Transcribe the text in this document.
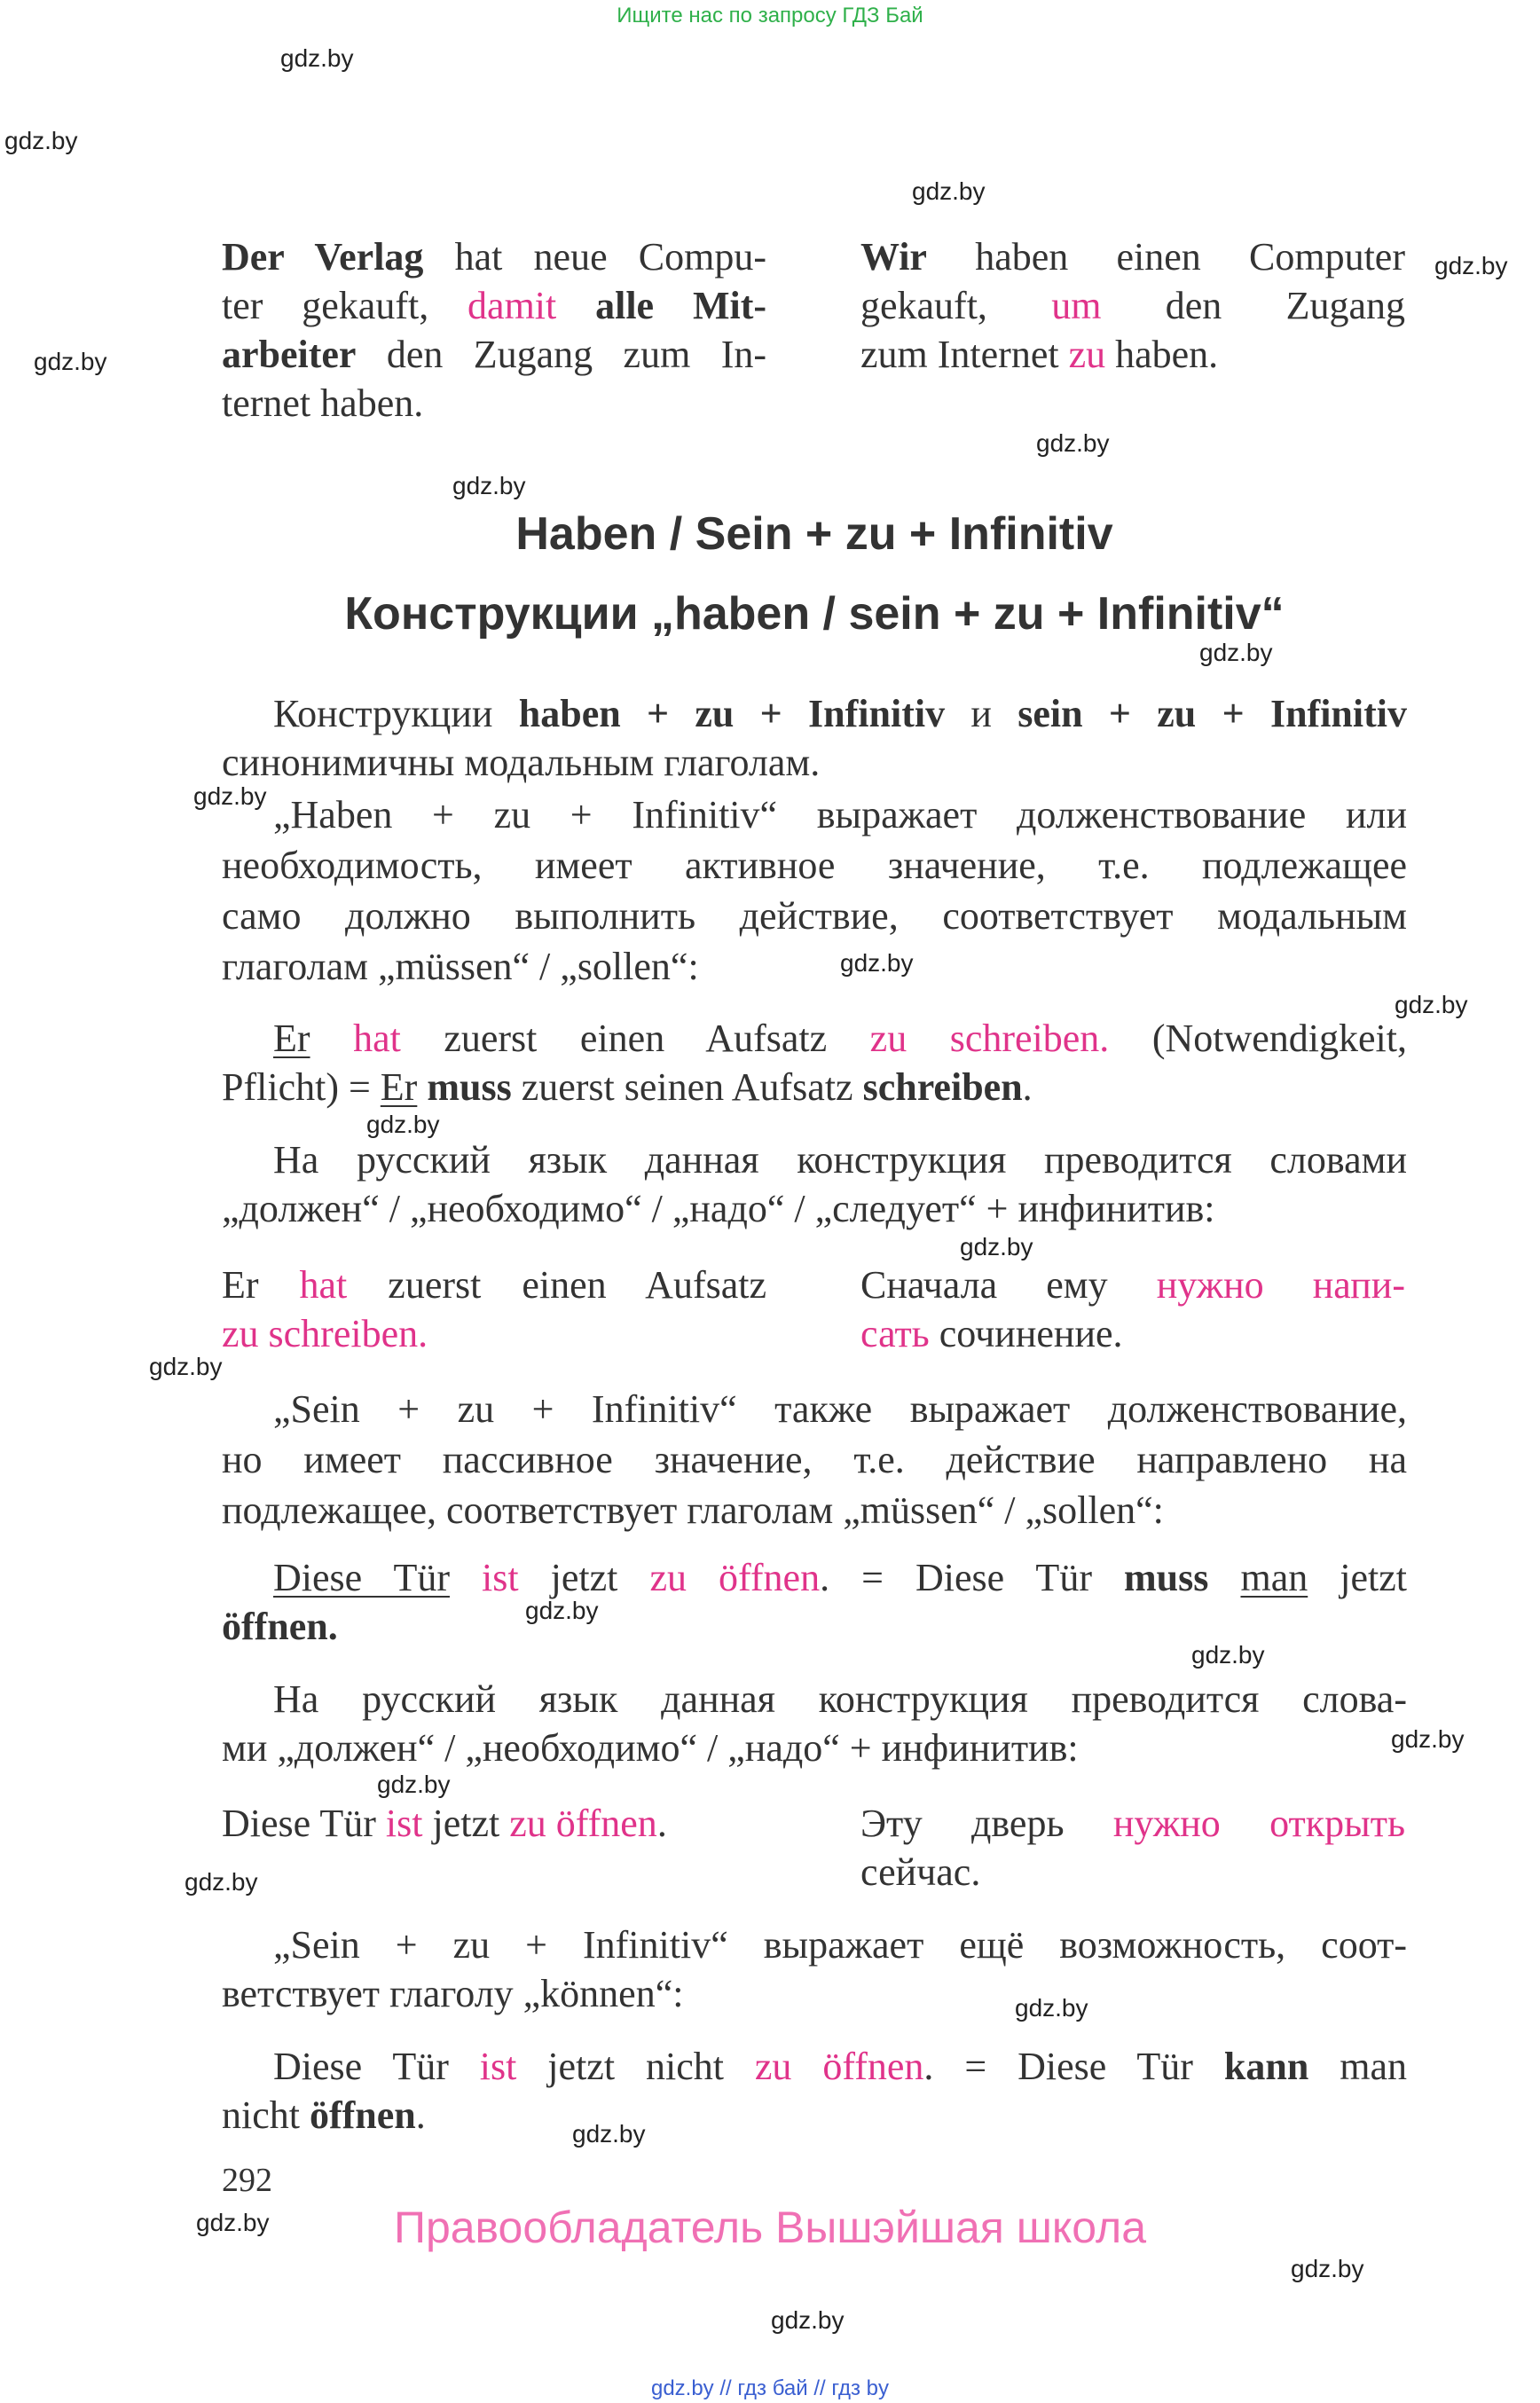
Ищите нас по запросу ГДЗ Бай
gdz.by
gdz.by
gdz.by
gdz.by
gdz.by
gdz.by
gdz.by
gdz.by
gdz.by
gdz.by
gdz.by
gdz.by
gdz.by
gdz.by
gdz.by
gdz.by
gdz.by
gdz.by
gdz.by
gdz.by
gdz.by
gdz.by
gdz.by
gdz.by
Der Verlag hat neue Compu-
ter gekauft, damit alle Mit-
arbeiter den Zugang zum In-
ternet haben.
Wir haben einen Computer
gekauft, um den Zugang
zum Internet zu haben.
Haben / Sein + zu + Infinitiv
Конструкции „haben / sein + zu + Infinitiv“
Конструкции haben + zu + Infinitiv и sein + zu + Infinitiv
синонимичны модальным глаголам.
„Haben + zu + Infinitiv“ выражает долженствование или
необходимость, имеет активное значение, т.е. подлежащее
само должно выполнить действие, соответствует модальным
глаголам „müssen“ / „sollen“:
Er hat zuerst einen Aufsatz zu schreiben. (Notwendigkeit,
Pflicht) = Er muss zuerst seinen Aufsatz schreiben.
На русский язык данная конструкция преводится словами
„должен“ / „необходимо“ / „надо“ / „следует“ + инфинитив:
Er hat zuerst einen Aufsatz
zu schreiben.
Сначала ему нужно напи-
сать сочинение.
„Sein + zu + Infinitiv“ также выражает долженствование,
но имеет пассивное значение, т.е. действие направлено на
подлежащее, соответствует глаголам „müssen“ / „sollen“:
Diese Tür ist jetzt zu öffnen. = Diese Tür muss man jetzt
öffnen.
На русский язык данная конструкция преводится слова-
ми „должен“ / „необходимо“ / „надо“ + инфинитив:
Diese Tür ist jetzt zu öffnen.	Эту дверь нужно открыть
сейчас.
„Sein + zu + Infinitiv“ выражает ещё возможность, соот-
ветствует глаголу „können“:
Diese Tür ist jetzt nicht zu öffnen. = Diese Tür kann man
nicht öffnen.
292
Правообладатель Вышэйшая школа
gdz.by // гдз бай // гдз by
